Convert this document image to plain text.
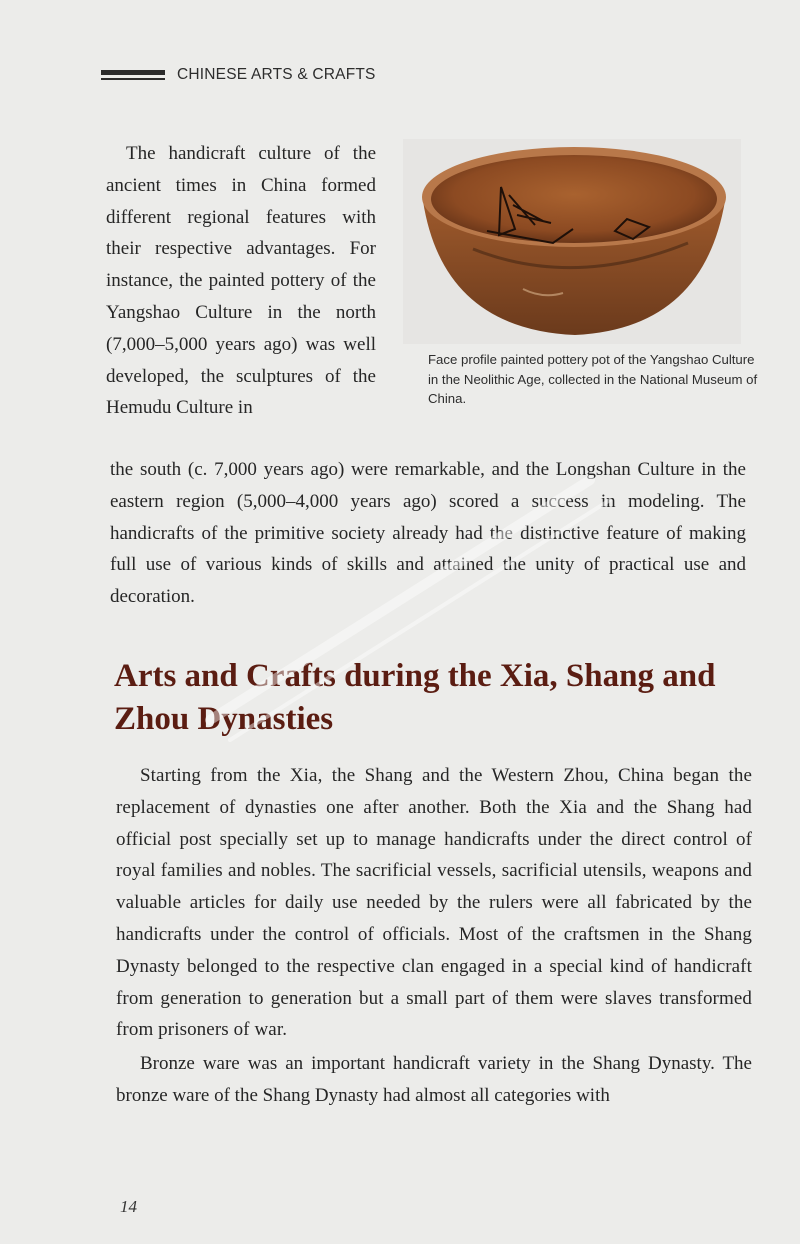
CHINESE ARTS & CRAFTS
Face profile painted pottery pot of the Yangshao Culture in the Neolithic Age, collected in the National Museum of China.

The handicraft culture of the ancient times in China formed different regional features with their respective advantages. For instance, the painted pottery of the Yangshao Culture in the north (7,000–5,000 years ago) was well developed, the sculptures of the Hemudu Culture in

the south (c. 7,000 years ago) were remarkable, and the Longshan Culture in the eastern region (5,000–4,000 years ago) scored a success in modeling. The handicrafts of the primitive society already had the distinctive feature of making full use of various kinds of skills and attained the unity of practical use and decoration.

Arts and Crafts during the Xia, Shang and Zhou Dynasties

Starting from the Xia, the Shang and the Western Zhou, China began the replacement of dynasties one after another. Both the Xia and the Shang had official post specially set up to manage handicrafts under the direct control of royal families and nobles. The sacrificial vessels, sacrificial utensils, weapons and valuable articles for daily use needed by the rulers were all fabricated by the handicrafts under the control of officials. Most of the craftsmen in the Shang Dynasty belonged to the respective clan engaged in a special kind of handicraft from generation to generation but a small part of them were slaves transformed from prisoners of war.

Bronze ware was an important handicraft variety in the Shang Dynasty. The bronze ware of the Shang Dynasty had almost all categories with

14
